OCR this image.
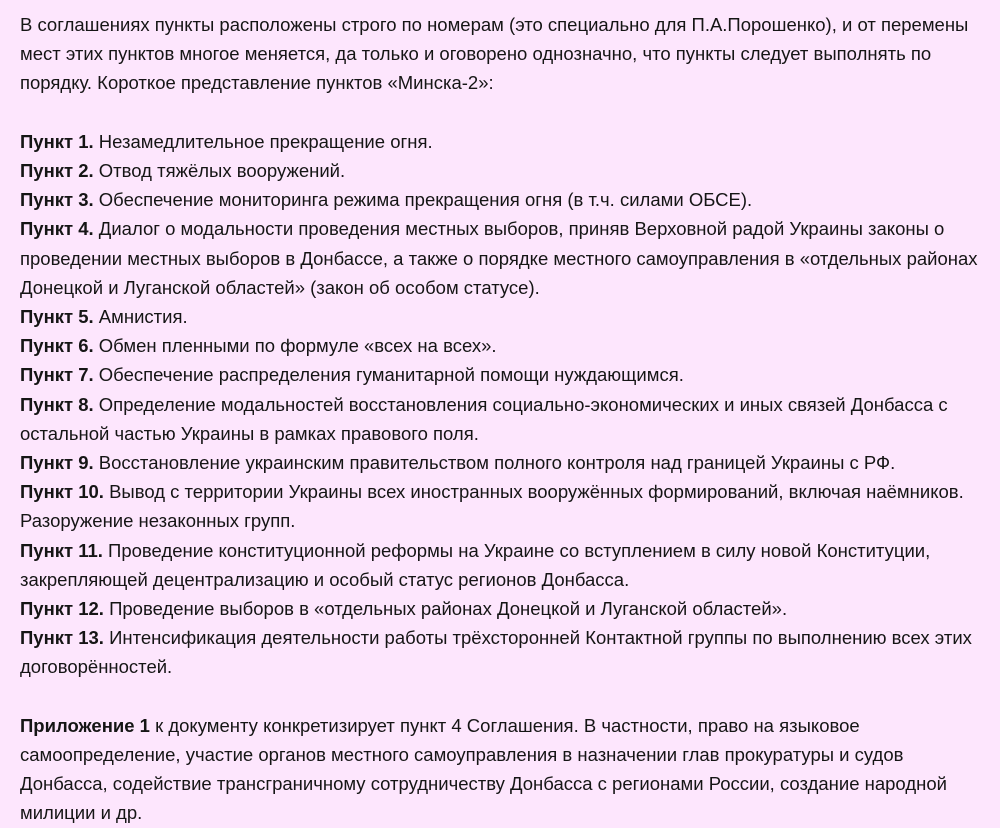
В соглашениях пункты расположены строго по номерам (это специально для П.А.Порошенко), и от перемены мест этих пунктов многое меняется, да только и оговорено однозначно, что пункты следует выполнять по порядку. Короткое представление пунктов «Минска-2»:

Пункт 1. Незамедлительное прекращение огня.

Пункт 2. Отвод тяжёлых вооружений.

Пункт 3. Обеспечение мониторинга режима прекращения огня (в т.ч. силами ОБСЕ).

Пункт 4. Диалог о модальности проведения местных выборов, приняв Верховной радой Украины законы о проведении местных выборов в Донбассе, а также о порядке местного самоуправления в «отдельных районах Донецкой и Луганской областей» (закон об особом статусе).

Пункт 5. Амнистия.

Пункт 6. Обмен пленными по формуле «всех на всех».

Пункт 7. Обеспечение распределения гуманитарной помощи нуждающимся.

Пункт 8. Определение модальностей восстановления социально-экономических и иных связей Донбасса с остальной частью Украины в рамках правового поля.

Пункт 9. Восстановление украинским правительством полного контроля над границей Украины с РФ.

Пункт 10. Вывод с территории Украины всех иностранных вооружённых формирований, включая наёмников. Разоружение незаконных групп.

Пункт 11. Проведение конституционной реформы на Украине со вступлением в силу новой Конституции, закрепляющей децентрализацию и особый статус регионов Донбасса.

Пункт 12. Проведение выборов в «отдельных районах Донецкой и Луганской областей».

Пункт 13. Интенсификация деятельности работы трёхсторонней Контактной группы по выполнению всех этих договорённостей.

Приложение 1 к документу конкретизирует пункт 4 Соглашения. В частности, право на языковое самоопределение, участие органов местного самоуправления в назначении глав прокуратуры и судов Донбасса, содействие трансграничному сотрудничеству Донбасса с регионами России, создание народной милиции и др.
